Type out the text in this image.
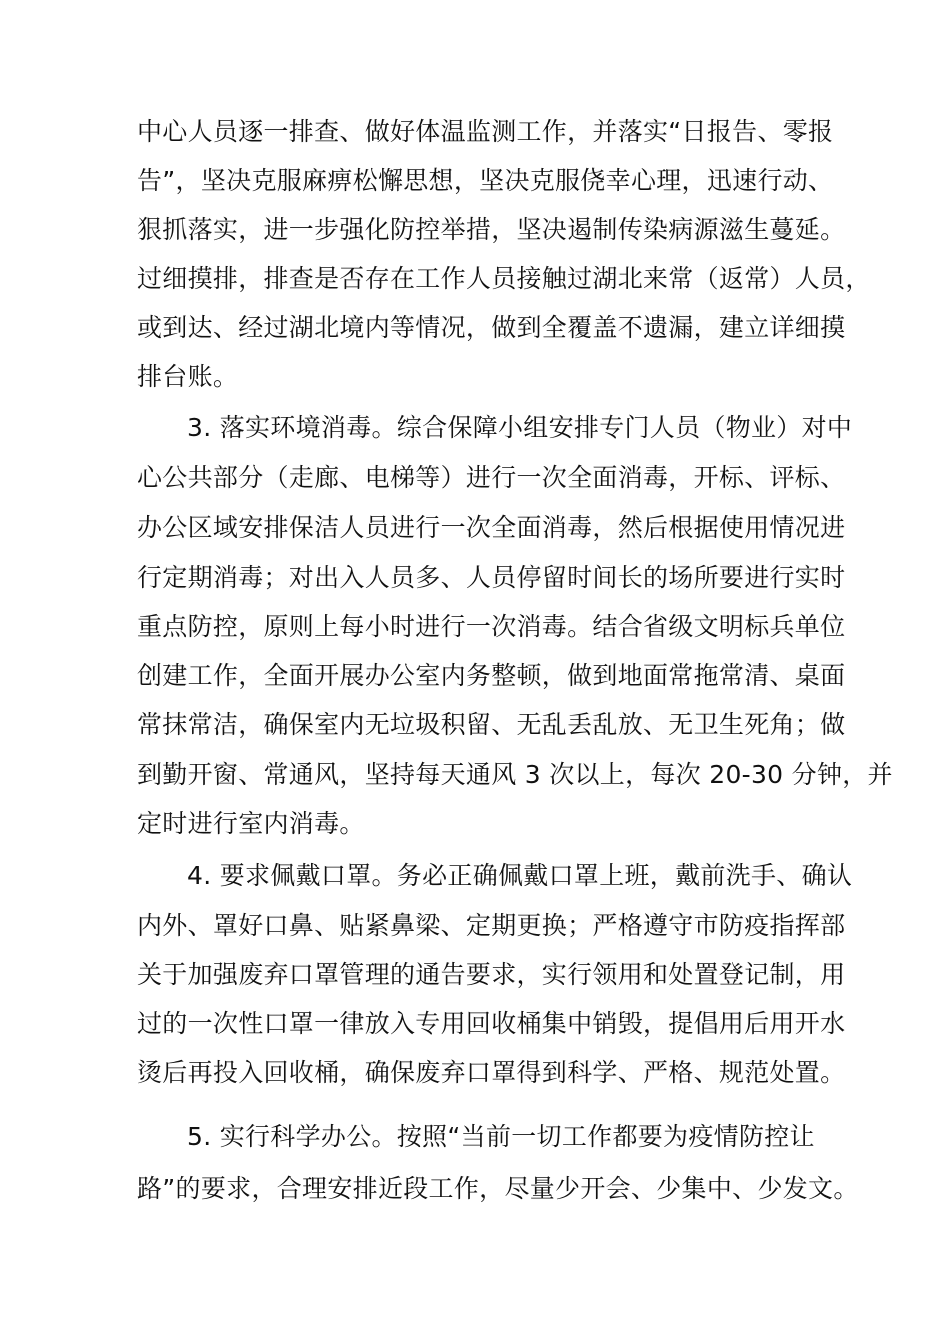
中心人员逐一排查、做好体温监测工作，并落实“日报告、零报
告”，坚决克服麻痹松懈思想，坚决克服侥幸心理，迅速行动、
狠抓落实，进一步强化防控举措，坚决遏制传染病源滋生蔓延。
过细摸排，排查是否存在工作人员接触过湖北来常（返常）人员，
或到达、经过湖北境内等情况，做到全覆盖不遗漏，建立详细摸
排台账。
3. 落实环境消毒。综合保障小组安排专门人员（物业）对中
心公共部分（走廊、电梯等）进行一次全面消毒，开标、评标、
办公区域安排保洁人员进行一次全面消毒，然后根据使用情况进
行定期消毒；对出入人员多、人员停留时间长的场所要进行实时
重点防控，原则上每小时进行一次消毒。结合省级文明标兵单位
创建工作，全面开展办公室内务整顿，做到地面常拖常清、桌面
常抹常洁，确保室内无垃圾积留、无乱丢乱放、无卫生死角；做
到勤开窗、常通风，坚持每天通风 3 次以上，每次 20-30 分钟，并
定时进行室内消毒。
4. 要求佩戴口罩。务必正确佩戴口罩上班，戴前洗手、确认
内外、罩好口鼻、贴紧鼻梁、定期更换；严格遵守市防疫指挥部
关于加强废弃口罩管理的通告要求，实行领用和处置登记制，用
过的一次性口罩一律放入专用回收桶集中销毁，提倡用后用开水
烫后再投入回收桶，确保废弃口罩得到科学、严格、规范处置。
5. 实行科学办公。按照“当前一切工作都要为疫情防控让
路”的要求，合理安排近段工作，尽量少开会、少集中、少发文。
